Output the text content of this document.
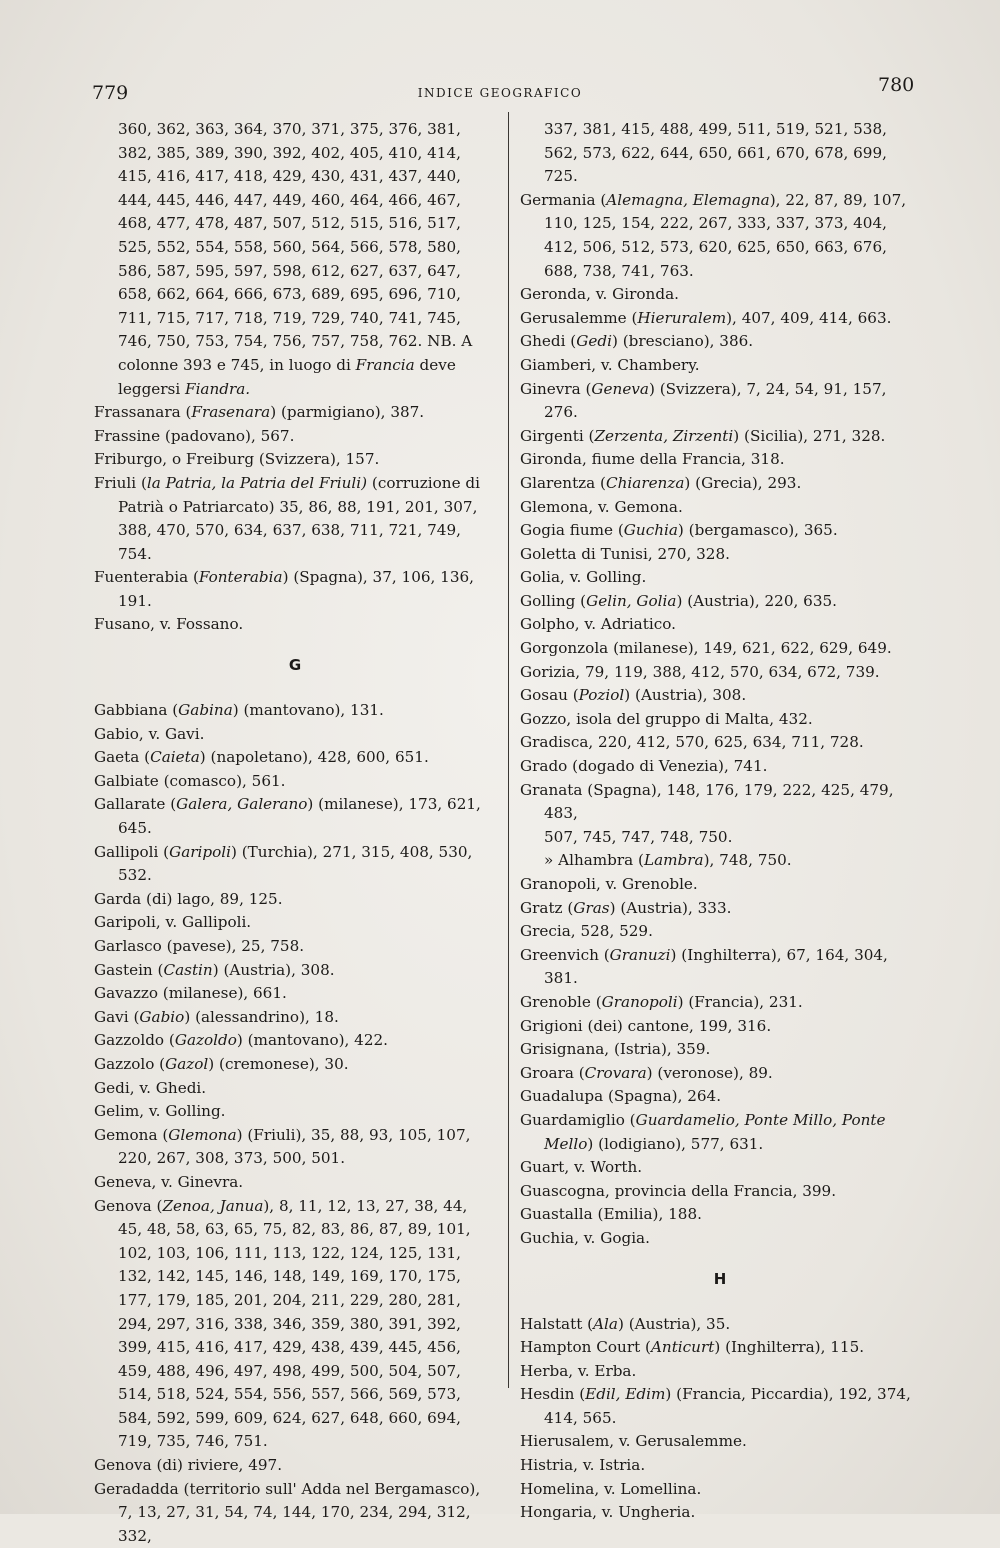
779	INDICE GEOGRAFICO	780

360, 362, 363, 364, 370, 371, 375, 376, 381, 382, 385, 389, 390, 392, 402, 405, 410, 414, 415, 416, 417, 418, 429, 430, 431, 437, 440, 444, 445, 446, 447, 449, 460, 464, 466, 467, 468, 477, 478, 487, 507, 512, 515, 516, 517, 525, 552, 554, 558, 560, 564, 566, 578, 580, 586, 587, 595, 597, 598, 612, 627, 637, 647, 658, 662, 664, 666, 673, 689, 695, 696, 710, 711, 715, 717, 718, 719, 729, 740, 741, 745, 746, 750, 753, 754, 756, 757, 758, 762. NB. A colonne 393 e 745, in luogo di Francia deve leggersi Fiandra.

Frassanara (Frasenara) (parmigiano), 387.

Frassine (padovano), 567.

Friburgo, o Freiburg (Svizzera), 157.

Friuli (la Patria, la Patria del Friuli) (corruzione di Patrià o Patriarcato) 35, 86, 88, 191, 201, 307, 388, 470, 570, 634, 637, 638, 711, 721, 749, 754.

Fuenterabia (Fonterabia) (Spagna), 37, 106, 136, 191.

Fusano, v. Fossano.

G

Gabbiana (Gabina) (mantovano), 131.

Gabio, v. Gavi.

Gaeta (Caieta) (napoletano), 428, 600, 651.

Galbiate (comasco), 561.

Gallarate (Galera, Galerano) (milanese), 173, 621, 645.

Gallipoli (Garipoli) (Turchia), 271, 315, 408, 530, 532.

Garda (di) lago, 89, 125.

Garipoli, v. Gallipoli.

Garlasco (pavese), 25, 758.

Gastein (Castin) (Austria), 308.

Gavazzo (milanese), 661.

Gavi (Gabio) (alessandrino), 18.

Gazzoldo (Gazoldo) (mantovano), 422.

Gazzolo (Gazol) (cremonese), 30.

Gedi, v. Ghedi.

Gelim, v. Golling.

Gemona (Glemona) (Friuli), 35, 88, 93, 105, 107, 220, 267, 308, 373, 500, 501.

Geneva, v. Ginevra.

Genova (Zenoa, Janua), 8, 11, 12, 13, 27, 38, 44, 45, 48, 58, 63, 65, 75, 82, 83, 86, 87, 89, 101, 102, 103, 106, 111, 113, 122, 124, 125, 131, 132, 142, 145, 146, 148, 149, 169, 170, 175, 177, 179, 185, 201, 204, 211, 229, 280, 281, 294, 297, 316, 338, 346, 359, 380, 391, 392, 399, 415, 416, 417, 429, 438, 439, 445, 456, 459, 488, 496, 497, 498, 499, 500, 504, 507, 514, 518, 524, 554, 556, 557, 566, 569, 573, 584, 592, 599, 609, 624, 627, 648, 660, 694, 719, 735, 746, 751.

Genova (di) riviere, 497.

Geradadda (territorio sull' Adda nel Bergamasco), 7, 13, 27, 31, 54, 74, 144, 170, 234, 294, 312, 332,

337, 381, 415, 488, 499, 511, 519, 521, 538, 562, 573, 622, 644, 650, 661, 670, 678, 699, 725.

Germania (Alemagna, Elemagna), 22, 87, 89, 107, 110, 125, 154, 222, 267, 333, 337, 373, 404, 412, 506, 512, 573, 620, 625, 650, 663, 676, 688, 738, 741, 763.

Geronda, v. Gironda.

Gerusalemme (Hieruralem), 407, 409, 414, 663.

Ghedi (Gedi) (bresciano), 386.

Giamberi, v. Chambery.

Ginevra (Geneva) (Svizzera), 7, 24, 54, 91, 157, 276.

Girgenti (Zerzenta, Zirzenti) (Sicilia), 271, 328.

Gironda, fiume della Francia, 318.

Glarentza (Chiarenza) (Grecia), 293.

Glemona, v. Gemona.

Gogia fiume (Guchia) (bergamasco), 365.

Goletta di Tunisi, 270, 328.

Golia, v. Golling.

Golling (Gelin, Golia) (Austria), 220, 635.

Golpho, v. Adriatico.

Gorgonzola (milanese), 149, 621, 622, 629, 649.

Gorizia, 79, 119, 388, 412, 570, 634, 672, 739.

Gosau (Poziol) (Austria), 308.

Gozzo, isola del gruppo di Malta, 432.

Gradisca, 220, 412, 570, 625, 634, 711, 728.

Grado (dogado di Venezia), 741.

Granata (Spagna), 148, 176, 179, 222, 425, 479, 483,

507, 745, 747, 748, 750.

» Alhambra (Lambra), 748, 750.

Granopoli, v. Grenoble.

Gratz (Gras) (Austria), 333.

Grecia, 528, 529.

Greenvich (Granuzi) (Inghilterra), 67, 164, 304, 381.

Grenoble (Granopoli) (Francia), 231.

Grigioni (dei) cantone, 199, 316.

Grisignana, (Istria), 359.

Groara (Crovara) (veronose), 89.

Guadalupa (Spagna), 264.

Guardamiglio (Guardamelio, Ponte Millo, Ponte Mello) (lodigiano), 577, 631.

Guart, v. Worth.

Guascogna, provincia della Francia, 399.

Guastalla (Emilia), 188.

Guchia, v. Gogia.

H

Halstatt (Ala) (Austria), 35.

Hampton Court (Anticurt) (Inghilterra), 115.

Herba, v. Erba.

Hesdin (Edil, Edim) (Francia, Piccardia), 192, 374, 414, 565.

Hierusalem, v. Gerusalemme.

Histria, v. Istria.

Homelina, v. Lomellina.

Hongaria, v. Ungheria.
